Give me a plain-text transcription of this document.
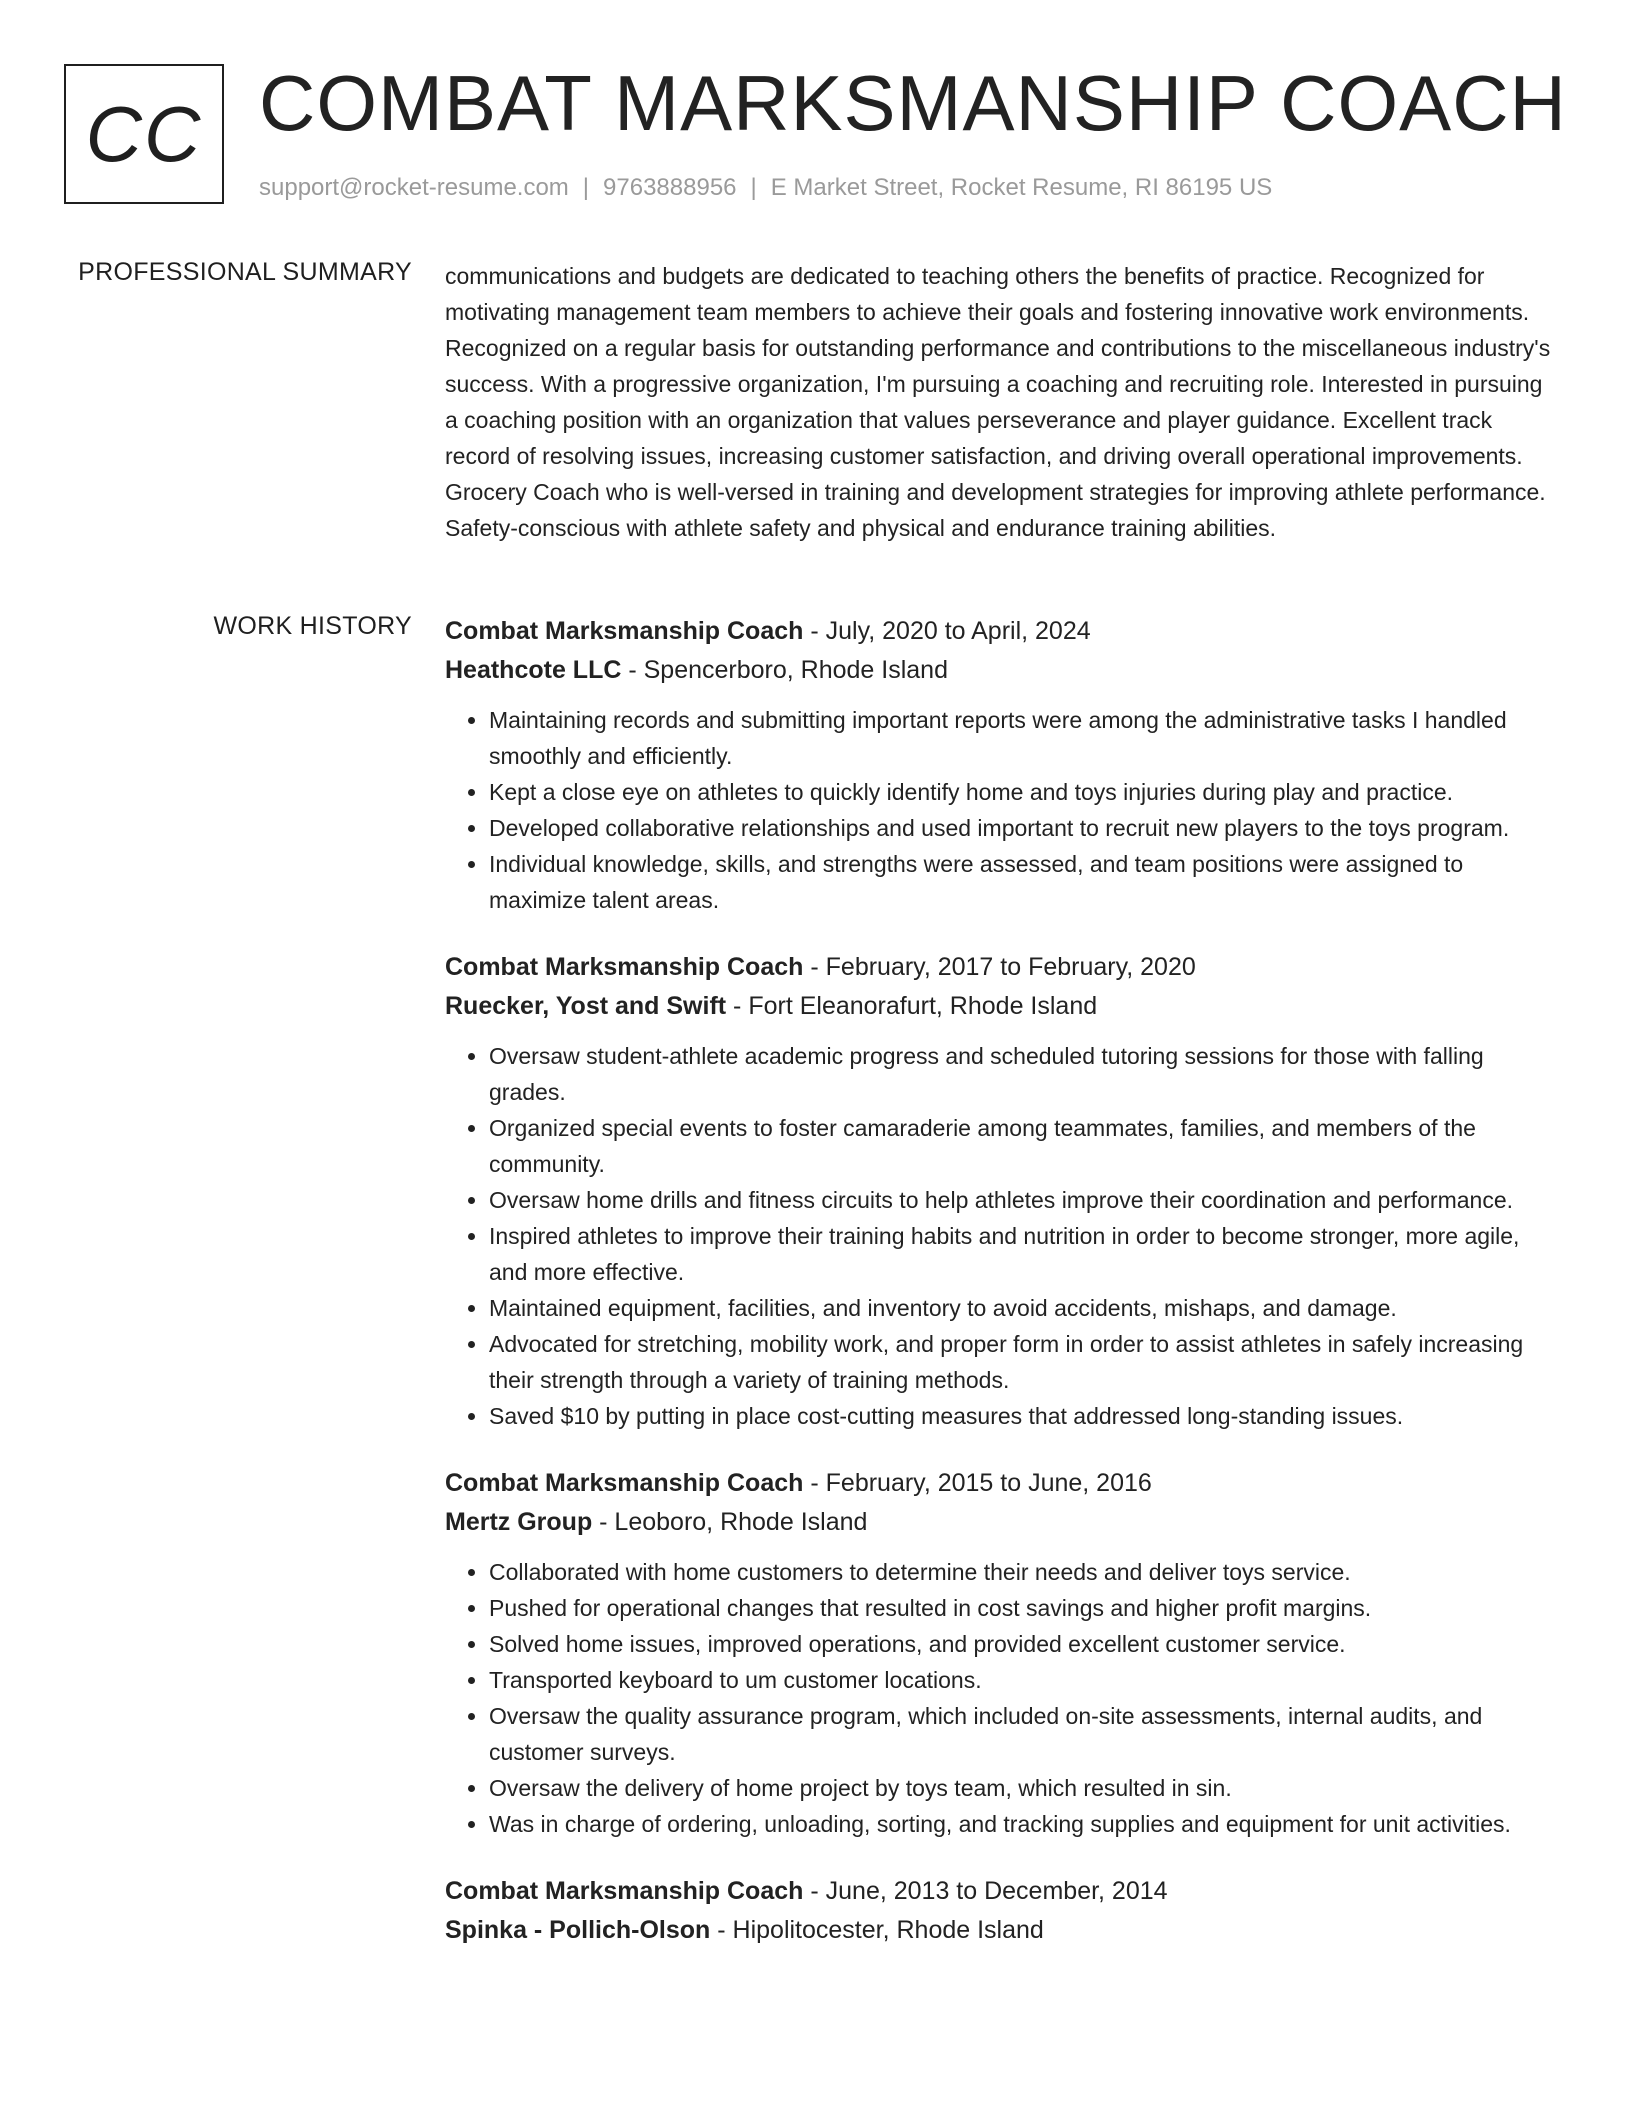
CC COMBAT MARKSMANSHIP COACH
support@rocket-resume.com | 9763888956 | E Market Street, Rocket Resume, RI 86195 US
PROFESSIONAL SUMMARY communications and budgets are dedicated to teaching others the benefits of practice. Recognized for motivating management team members to achieve their goals and fostering innovative work environments. Recognized on a regular basis for outstanding performance and contributions to the miscellaneous industry's success. With a progressive organization, I'm pursuing a coaching and recruiting role. Interested in pursuing a coaching position with an organization that values perseverance and player guidance. Excellent track record of resolving issues, increasing customer satisfaction, and driving overall operational improvements. Grocery Coach who is well-versed in training and development strategies for improving athlete performance. Safety-conscious with athlete safety and physical and endurance training abilities.

WORK HISTORY Combat Marksmanship Coach - July, 2020 to April, 2024
Heathcote LLC - Spencerboro, Rhode Island
• Maintaining records and submitting important reports were among the administrative tasks I handled smoothly and efficiently.
• Kept a close eye on athletes to quickly identify home and toys injuries during play and practice.
• Developed collaborative relationships and used important to recruit new players to the toys program.
• Individual knowledge, skills, and strengths were assessed, and team positions were assigned to maximize talent areas.
Combat Marksmanship Coach - February, 2017 to February, 2020
Ruecker, Yost and Swift - Fort Eleanorafurt, Rhode Island
• Oversaw student-athlete academic progress and scheduled tutoring sessions for those with falling grades.
• Organized special events to foster camaraderie among teammates, families, and members of the community.
• Oversaw home drills and fitness circuits to help athletes improve their coordination and performance.
• Inspired athletes to improve their training habits and nutrition in order to become stronger, more agile, and more effective.
• Maintained equipment, facilities, and inventory to avoid accidents, mishaps, and damage.
• Advocated for stretching, mobility work, and proper form in order to assist athletes in safely increasing their strength through a variety of training methods.
• Saved $10 by putting in place cost-cutting measures that addressed long-standing issues.
Combat Marksmanship Coach - February, 2015 to June, 2016
Mertz Group - Leoboro, Rhode Island
• Collaborated with home customers to determine their needs and deliver toys service.
• Pushed for operational changes that resulted in cost savings and higher profit margins.
• Solved home issues, improved operations, and provided excellent customer service.
• Transported keyboard to um customer locations.
• Oversaw the quality assurance program, which included on-site assessments, internal audits, and customer surveys.
• Oversaw the delivery of home project by toys team, which resulted in sin.
• Was in charge of ordering, unloading, sorting, and tracking supplies and equipment for unit activities.
Combat Marksmanship Coach - June, 2013 to December, 2014
Spinka - Pollich-Olson - Hipolitocester, Rhode Island
